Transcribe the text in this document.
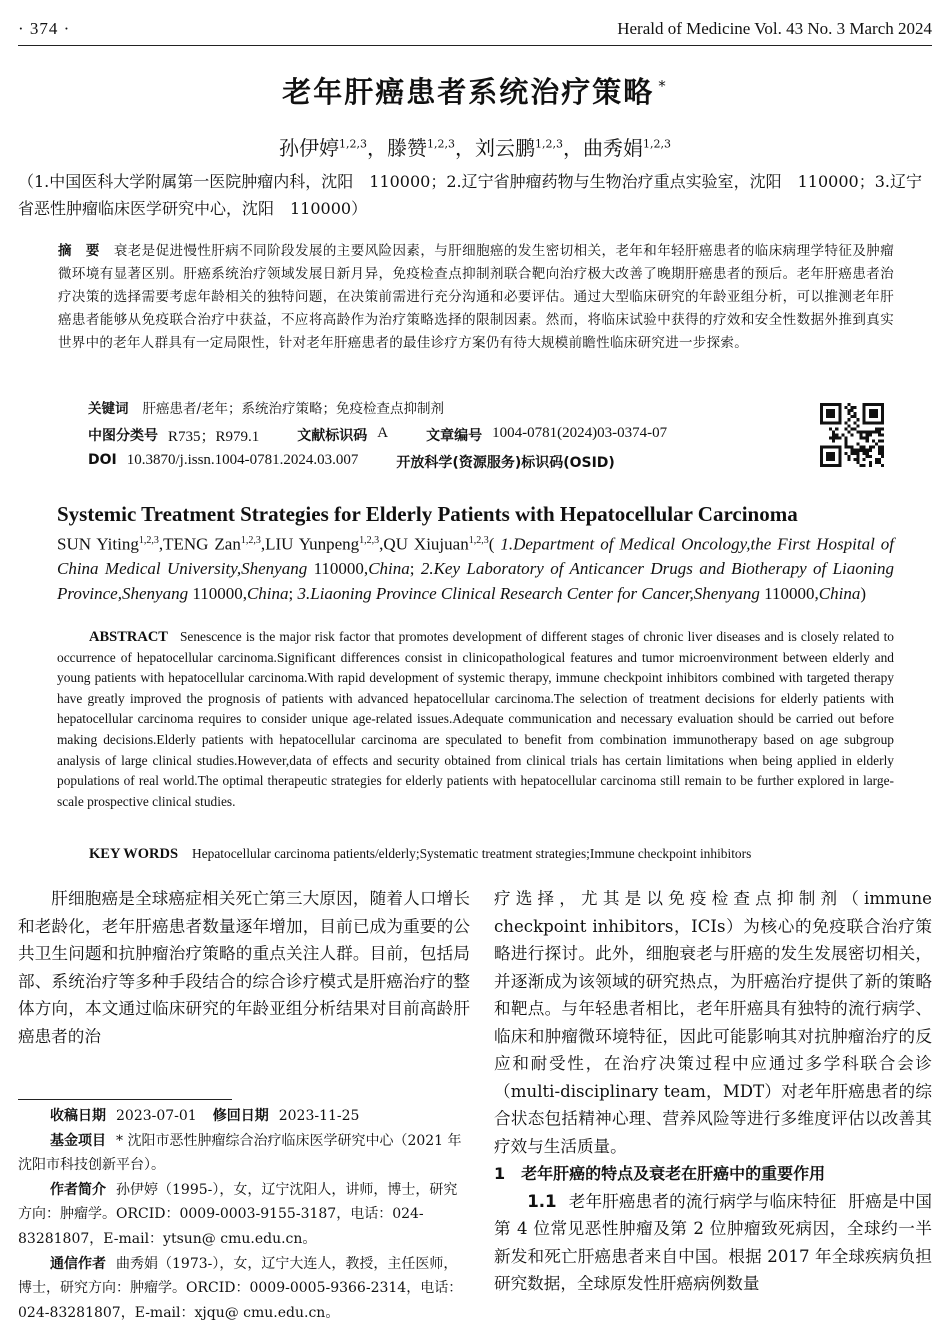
· 374 ·	Herald of Medicine Vol. 43 No. 3 March 2024
老年肝癌患者系统治疗策略 *
孙伊婷$^{1,2,3}$，滕赞$^{1,2,3}$，刘云鹏$^{1,2,3}$，曲秀娟$^{1,2,3}$
（1.中国医科大学附属第一医院肿瘤内科，沈阳　110000；2.辽宁省肿瘤药物与生物治疗重点实验室，沈阳　110000；3.辽宁省恶性肿瘤临床医学研究中心，沈阳　110000）
摘　要 衰老是促进慢性肝病不同阶段发展的主要风险因素，与肝细胞癌的发生密切相关，老年和年轻肝癌患者的临床病理学特征及肿瘤微环境有显著区别。肝癌系统治疗领域发展日新月异，免疫检查点抑制剂联合靶向治疗极大改善了晚期肝癌患者的预后。老年肝癌患者治疗决策的选择需要考虑年龄相关的独特问题，在决策前需进行充分沟通和必要评估。通过大型临床研究的年龄亚组分析，可以推测老年肝癌患者能够从免疫联合治疗中获益，不应将高龄作为治疗策略选择的限制因素。然而，将临床试验中获得的疗效和安全性数据外推到真实世界中的老年人群具有一定局限性，针对老年肝癌患者的最佳诊疗方案仍有待大规模前瞻性临床研究进一步探索。
关键词 肝癌患者/老年；系统治疗策略；免疫检查点抑制剂
中图分类号 R735；R979.1	文献标识码 A	文章编号 1004-0781(2024)03-0374-07
DOI 10.3870/j.issn.1004-0781.2024.03.007	开放科学(资源服务)标识码(OSID)
Systemic Treatment Strategies for Elderly Patients with Hepatocellular Carcinoma
SUN Yiting$^{1,2,3}$,TENG Zan$^{1,2,3}$,LIU Yunpeng$^{1,2,3}$,QU Xiujuan$^{1,2,3}$( 1.Department of Medical Oncology,the First Hospital of China Medical University,Shenyang 110000,China; 2.Key Laboratory of Anticancer Drugs and Biotherapy of Liaoning Province,Shenyang 110000,China; 3.Liaoning Province Clinical Research Center for Cancer,Shenyang 110000,China)
ABSTRACT Senescence is the major risk factor that promotes development of different stages of chronic liver diseases and is closely related to occurrence of hepatocellular carcinoma.Significant differences consist in clinicopathological features and tumor microenvironment between elderly and young patients with hepatocellular carcinoma.With rapid development of systemic therapy, immune checkpoint inhibitors combined with targeted therapy have greatly improved the prognosis of patients with advanced hepatocellular carcinoma.The selection of treatment decisions for elderly patients with hepatocellular carcinoma requires to consider unique age-related issues.Adequate communication and necessary evaluation should be carried out before making decisions.Elderly patients with hepatocellular carcinoma are speculated to benefit from combination immunotherapy based on age subgroup analysis of large clinical studies.However,data of effects and security obtained from clinical trials has certain limitations when being applied in elderly populations of real world.The optimal therapeutic strategies for elderly patients with hepatocellular carcinoma still remain to be further explored in large-scale prospective clinical studies.
KEY WORDS Hepatocellular carcinoma patients/elderly;Systematic treatment strategies;Immune checkpoint inhibitors
肝细胞癌是全球癌症相关死亡第三大原因，随着人口增长和老龄化，老年肝癌患者数量逐年增加，目前已成为重要的公共卫生问题和抗肿瘤治疗策略的重点关注人群。目前，包括局部、系统治疗等多种手段结合的综合诊疗模式是肝癌治疗的整体方向，本文通过临床研究的年龄亚组分析结果对目前高龄肝癌患者的治

收稿日期 2023-07-01 修回日期 2023-11-25

基金项目 * 沈阳市恶性肿瘤综合治疗临床医学研究中心（2021 年沈阳市科技创新平台）。

作者简介 孙伊婷（1995-），女，辽宁沈阳人，讲师，博士，研究方向：肿瘤学。ORCID：0009-0003-9155-3187，电话：024-83281807，E-mail：ytsun@ cmu.edu.cn。

通信作者 曲秀娟（1973-），女，辽宁大连人，教授，主任医师，博士，研究方向：肿瘤学。ORCID：0009-0005-9366-2314，电话：024-83281807，E-mail：xjqu@ cmu.edu.cn。

疗选择，尤其是以免疫检查点抑制剂（immune checkpoint inhibitors，ICIs）为核心的免疫联合治疗策略进行探讨。此外，细胞衰老与肝癌的发生发展密切相关，并逐渐成为该领域的研究热点，为肝癌治疗提供了新的策略和靶点。与年轻患者相比，老年肝癌具有独特的流行病学、临床和肿瘤微环境特征，因此可能影响其对抗肿瘤治疗的反应和耐受性，在治疗决策过程中应通过多学科联合会诊（multi-disciplinary team，MDT）对老年肝癌患者的综合状态包括精神心理、营养风险等进行多维度评估以改善其疗效与生活质量。
1　老年肝癌的特点及衰老在肝癌中的重要作用

1.1 老年肝癌患者的流行病学与临床特征 肝癌是中国第 4 位常见恶性肿瘤及第 2 位肿瘤致死病因，全球约一半新发和死亡肝癌患者来自中国。根据 2017 年全球疾病负担研究数据，全球原发性肝癌病例数量
